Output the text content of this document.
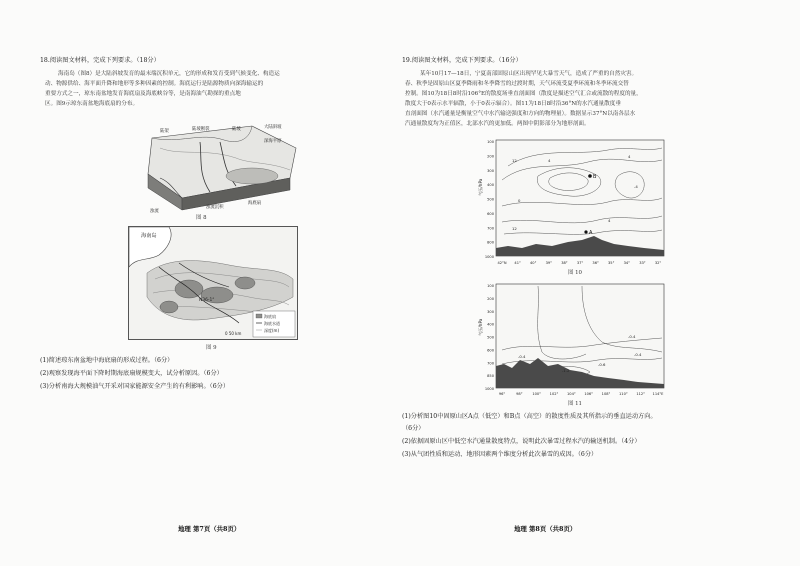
18.阅读图文材料，完成下列要求。（18分）
海南岛（图8）是大陆斜坡发育的最末端沉积单元，它的形成和发育受到气候变化、构造运
动、物源供给、海平面升降和地形等多种因素的控制。海底运行是陆源物质向深海输运的
重要方式之一，琼东南盆地发育海底扇及海底峡谷等，是南海油气勘探的重点地
区。图9示琼东南盆地海底扇的分布。
陆架	陆坡断裂	陆坡	大陆斜坡
深海平原
浊流
浊流沉积
海底扇
图 8
海南岛
N36-1°
海底扇
海底水道
深度(m)
0 50 km
图 9
(1)简述琼东南盆地中海底扇的形成过程。（6分）
(2)观察发现海平面下降时期海底扇规模变大，试分析原因。（6分）
(3)分析南海大规模油气开采对国家能源安全产生的有利影响。（6分）
地理 第7页（共8页）
19.阅读图文材料，完成下列要求。（16分）
某年10月17—18日，宁夏南部固原山区出现罕见大暴雪天气，造成了严重的自然灾害。
春、秋季是固原山区夏季降雨和冬季降雪的过渡时期，天气环流受夏季环流和冬季环流交替
控制。图10为18日8时沿106°E的散度场垂直剖面图（散度是描述空气汇合或流散的程度的量，
散度大于0表示水平辐散，小于0表示辐合）。图11为18日8时沿36°N的水汽通量散度垂
直剖面图（水汽通量是衡量空气中水汽输送强度和方向的物理量）。数据显示37°N以南各层水
汽通量散度均为正值区，北部水汽的更加低。两图中阴影部分为地形剖面。
B
A
12	4
4
0
12
4
-4
气压/hPa
100
200
300
400
500
600
700
800
1000
42°N 41°	40°	39°	38°	37°	36°	35°	34°	33°	32°
图 10
-0.4
-0.4
-0.6
-1.2
-0.4
气压/hPa
100
200
300
400
500
600
700
850
1000
96°	98°	100° 102° 104° 106° 108° 110° 112° 114°E
图 11
(1)分析图10中固原山区A点（低空）和B点（高空）的散度性质及其所指示的垂直运动方向。
（6分）
(2)依据固原山区中低空水汽通量散度特点，说明此次暴雪过程水汽的输送机制。（4分）
(3)从气团性质和运动、地形因素两个维度分析此次暴雪的成因。（6分）
地理 第8页（共8页）
